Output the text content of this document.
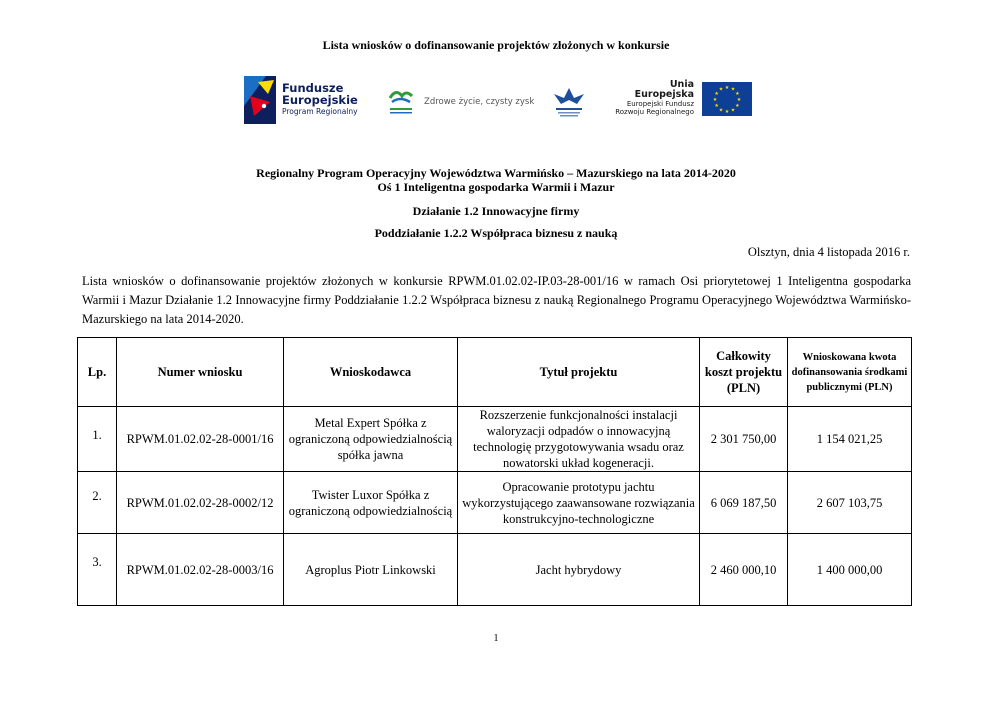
Lista wniosków o dofinansowanie projektów złożonych w konkursie
Fundusze
Europejskie
Program Regionalny
Zdrowe życie, czysty zysk
Unia Europejska
Europejski Fundusz
Rozwoju Regionalnego
★ ★
★
★
★
★
★
★
★
★
★
★
Regionalny Program Operacyjny Województwa Warmińsko – Mazurskiego na lata 2014-2020
Oś 1 Inteligentna gospodarka Warmii i Mazur
Działanie 1.2 Innowacyjne firmy
Poddziałanie 1.2.2 Współpraca biznesu z nauką
Olsztyn, dnia 4 listopada 2016 r.
Lista wniosków o dofinansowanie projektów złożonych w konkursie RPWM.01.02.02-IP.03-28-001/16 w ramach Osi priorytetowej 1 Inteligentna gospodarka Warmii i Mazur Działanie 1.2 Innowacyjne firmy Poddziałanie 1.2.2 Współpraca biznesu z nauką Regionalnego Programu Operacyjnego Województwa Warmińsko-Mazurskiego na lata 2014-2020.
Lp.	Numer wniosku	Wnioskodawca	Tytuł projektu	Całkowity koszt projektu (PLN)	Wnioskowana kwota dofinansowania środkami publicznymi (PLN)
1.	RPWM.01.02.02-28-0001/16	Metal Expert Spółka z ograniczoną odpowiedzialnością spółka jawna	Rozszerzenie funkcjonalności instalacji waloryzacji odpadów o innowacyjną technologię przygotowywania wsadu oraz nowatorski układ kogeneracji.	2 301 750,00	1 154 021,25
2.	RPWM.01.02.02-28-0002/12	Twister Luxor Spółka z ograniczoną odpowiedzialnością	Opracowanie prototypu jachtu wykorzystującego zaawansowane rozwiązania konstrukcyjno-technologiczne	6 069 187,50	2 607 103,75
3.	RPWM.01.02.02-28-0003/16	Agroplus Piotr Linkowski	Jacht hybrydowy	2 460 000,10	1 400 000,00
1
